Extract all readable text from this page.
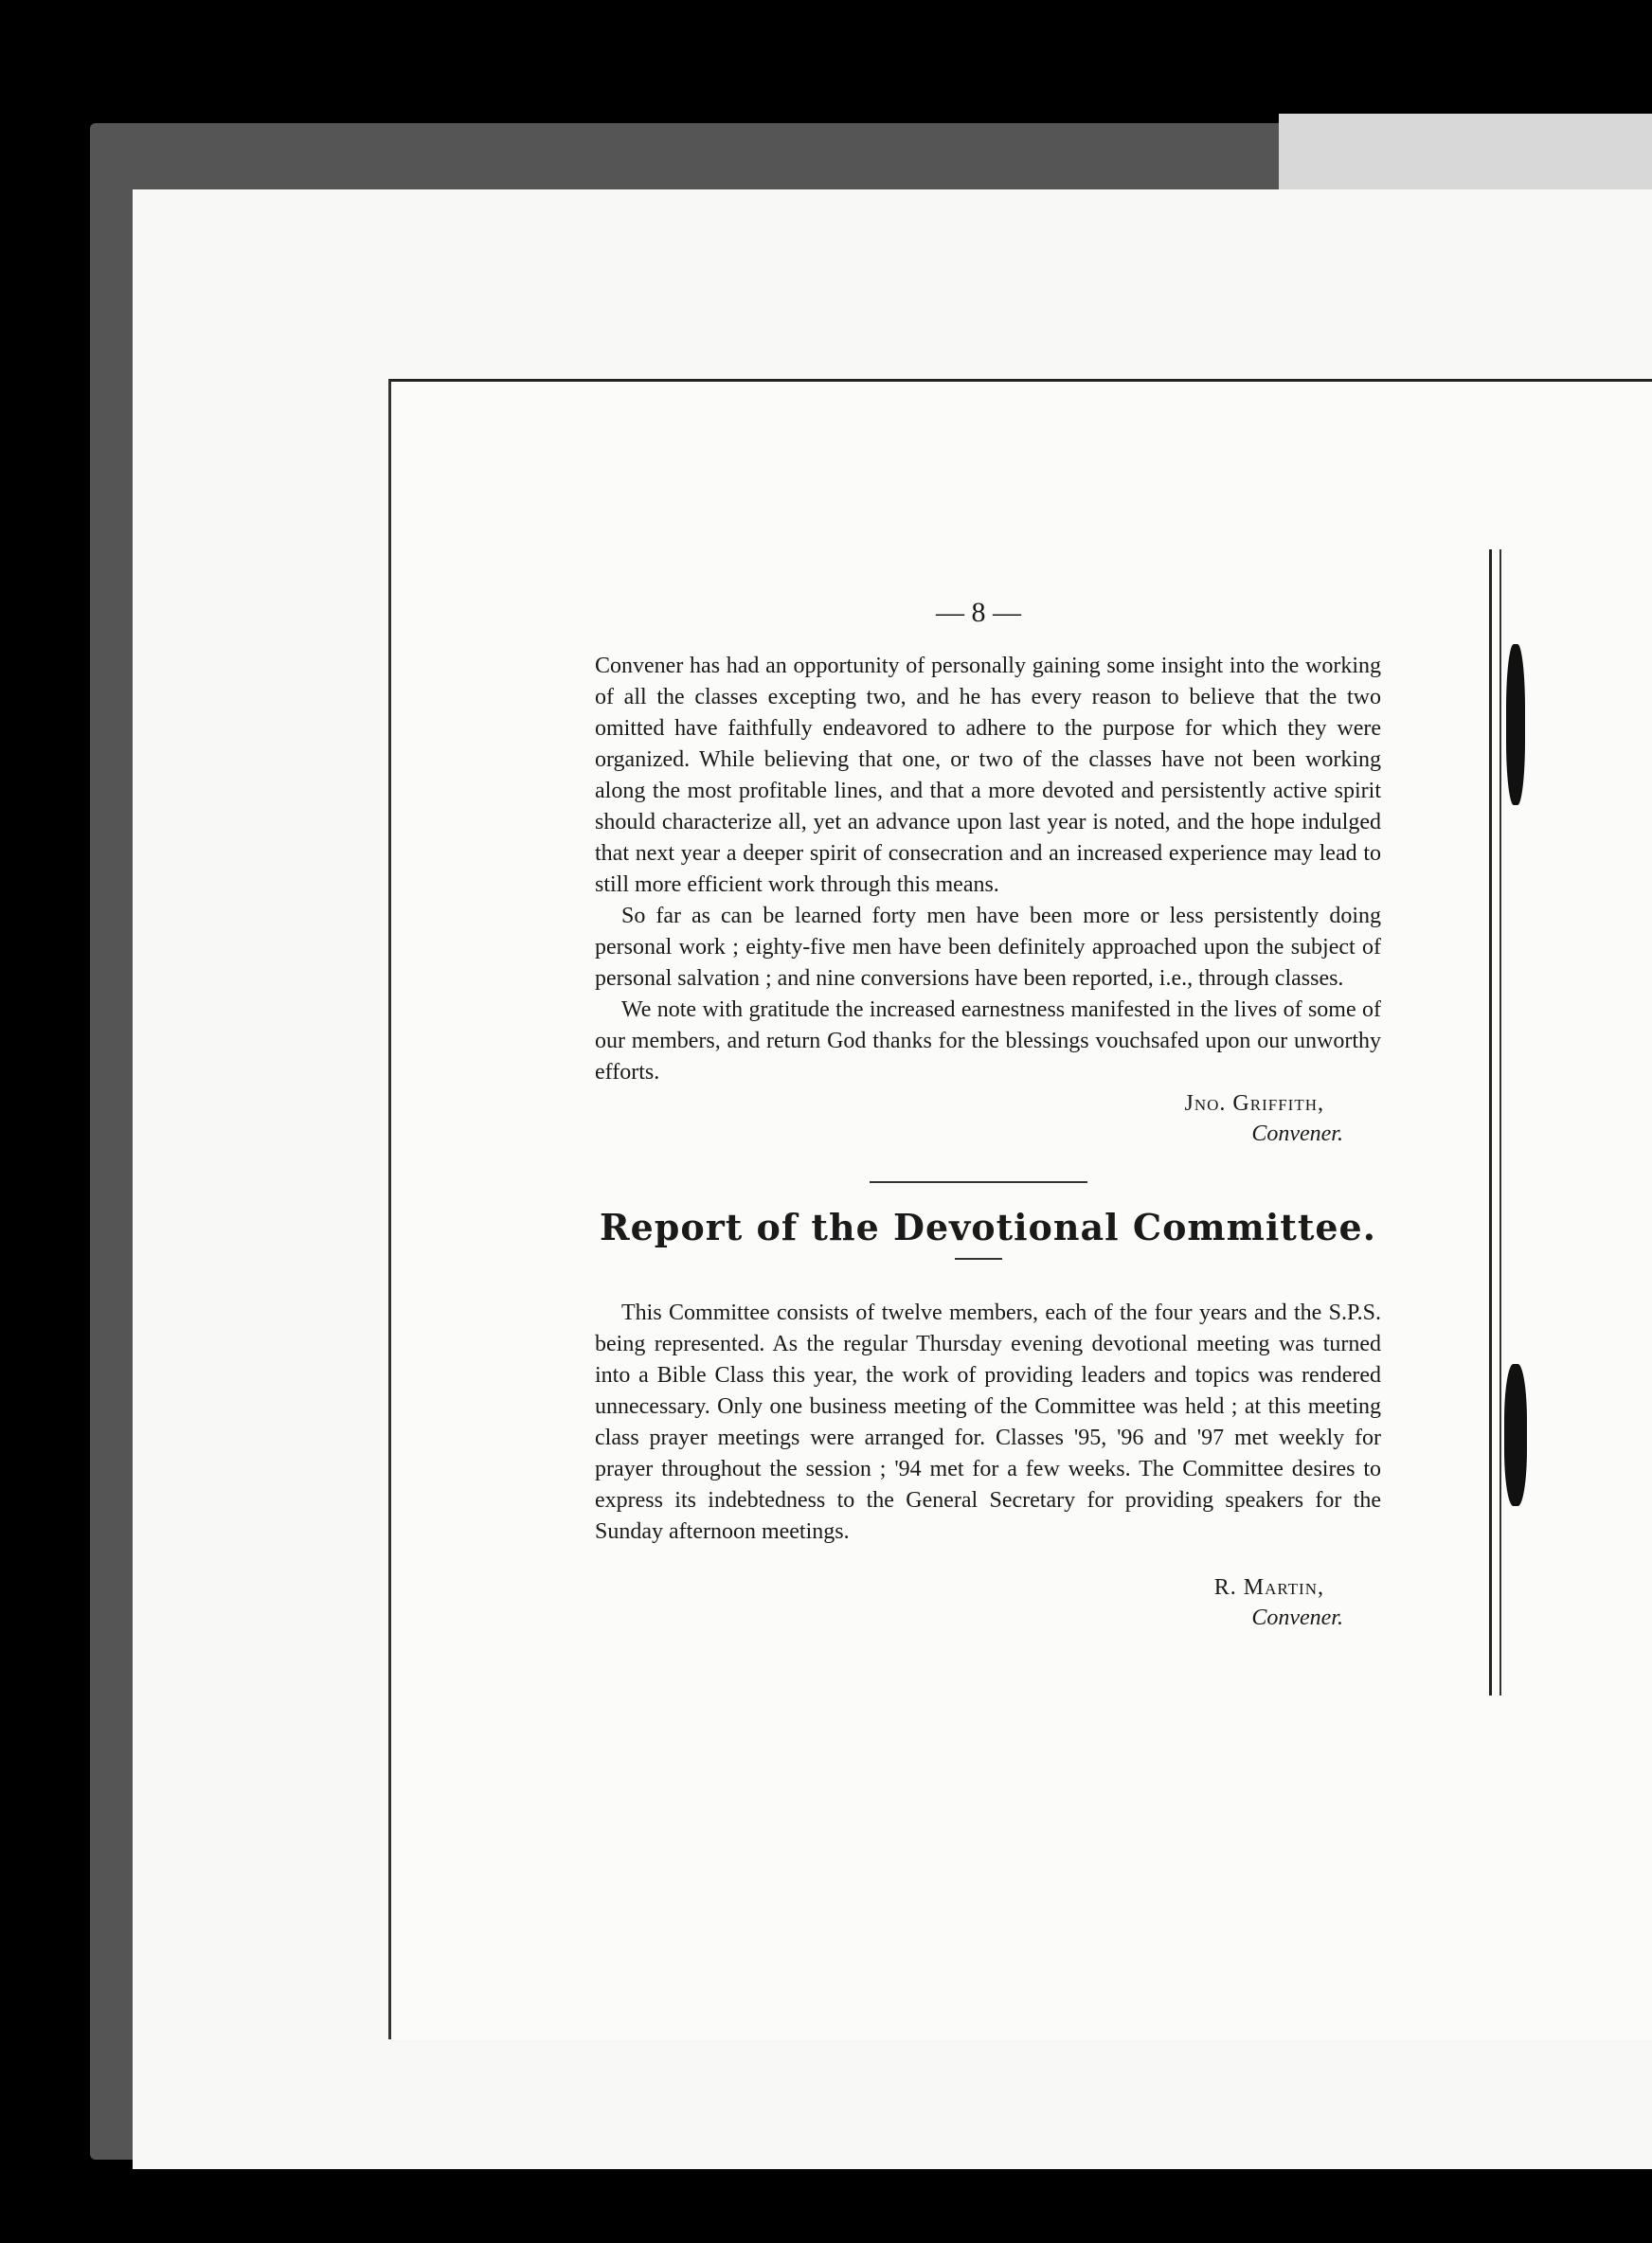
— 8 —

Convener has had an opportunity of personally gaining some insight into the working of all the classes excepting two, and he has every reason to believe that the two omitted have faithfully endeavored to adhere to the purpose for which they were organized. While believing that one, or two of the classes have not been working along the most profitable lines, and that a more devoted and persistently active spirit should characterize all, yet an advance upon last year is noted, and the hope indulged that next year a deeper spirit of consecration and an increased experience may lead to still more efficient work through this means.

So far as can be learned forty men have been more or less persistently doing personal work ; eighty-five men have been definitely approached upon the subject of personal salvation ; and nine conversions have been reported, i.e., through classes.

We note with gratitude the increased earnestness manifested in the lives of some of our members, and return God thanks for the blessings vouchsafed upon our unworthy efforts.

Jno. Griffith,

Convener.

Report of the Devotional Committee.

This Committee consists of twelve members, each of the four years and the S.P.S. being represented. As the regular Thursday evening devotional meeting was turned into a Bible Class this year, the work of providing leaders and topics was rendered unnecessary. Only one business meeting of the Committee was held ; at this meeting class prayer meetings were arranged for. Classes '95, '96 and '97 met weekly for prayer throughout the session ; '94 met for a few weeks. The Committee desires to express its indebtedness to the General Secretary for providing speakers for the Sunday afternoon meetings.

R. Martin,

Convener.
